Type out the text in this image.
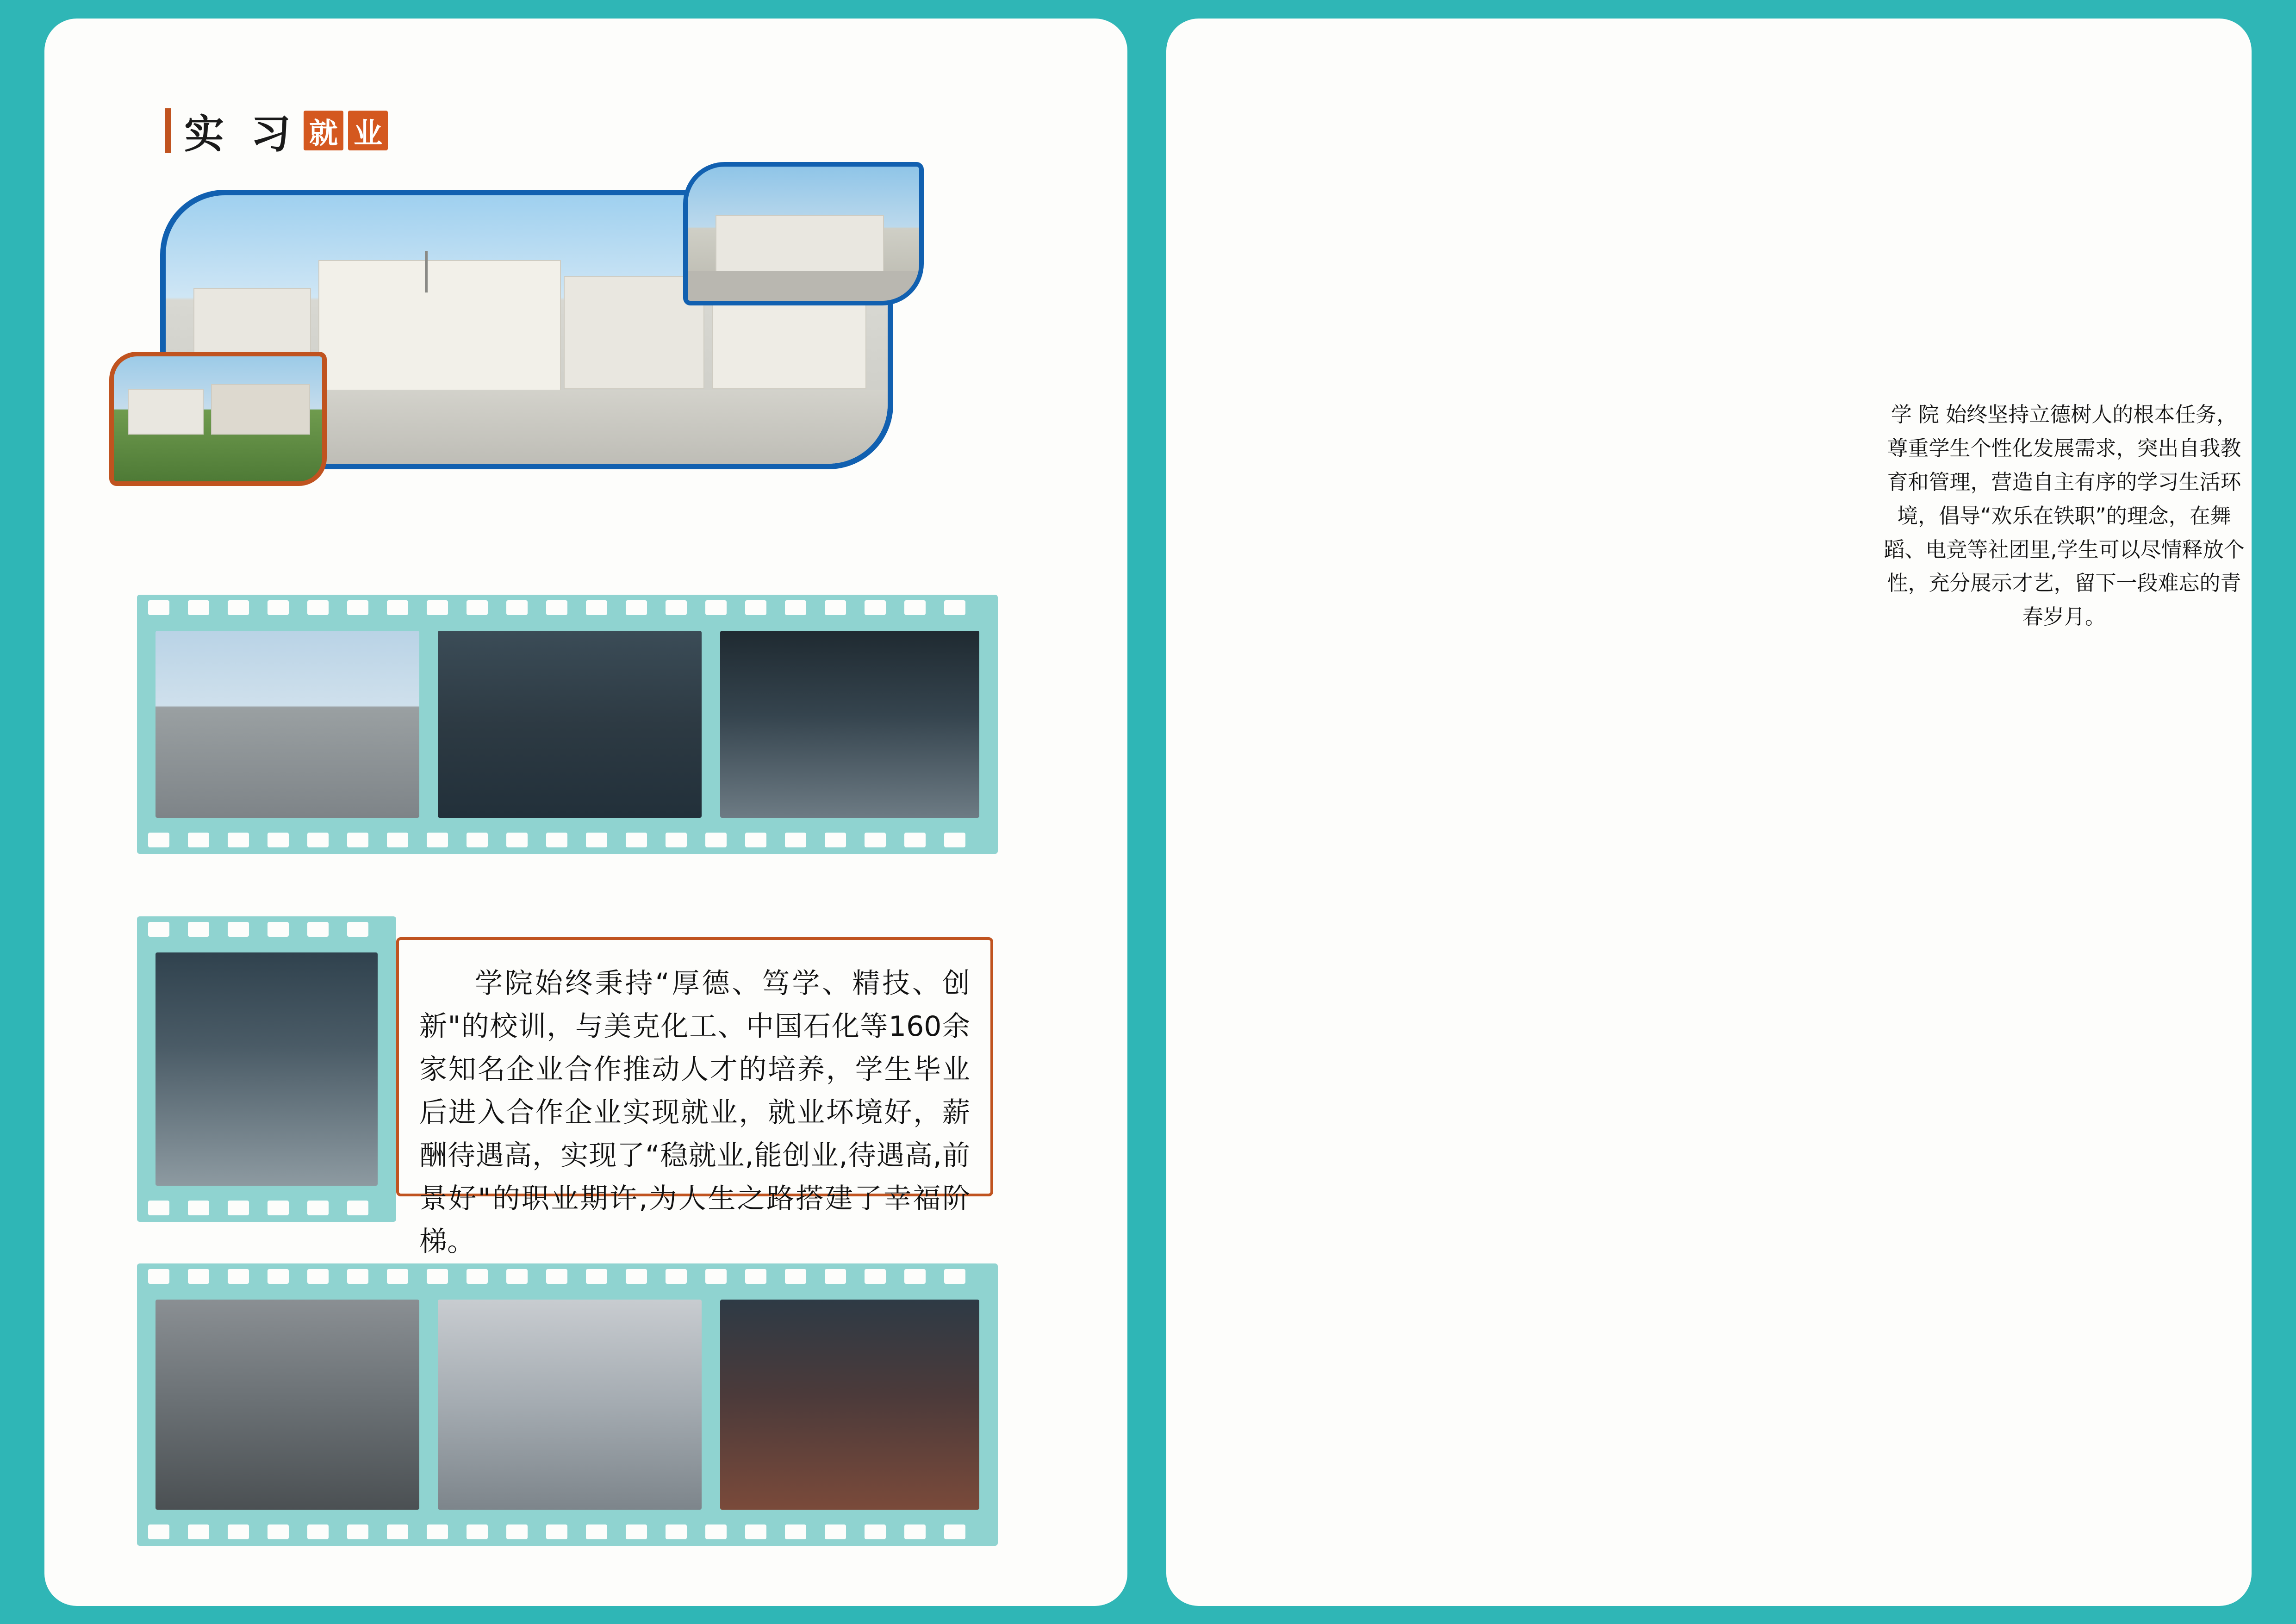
实 习 就 业
学院始终秉持“厚德、笃学、精技、创新"的校训，与美克化工、中国石化等160余家知名企业合作推动人才的培养，学生毕业后进入合作企业实现就业，就业坏境好，薪酬待遇高，实现了“稳就业,能创业,待遇高,前景好"的职业期许,为人生之路搭建了幸福阶梯。
学 院 始终坚持立德树人的根本任务，尊重学生个性化发展需求，突出自我教育和管理，营造自主有序的学习生活环境，倡导“欢乐在铁职”的理念，在舞蹈、电竞等社团里,学生可以尽情释放个性，充分展示才艺，留下一段难忘的青春岁月。
